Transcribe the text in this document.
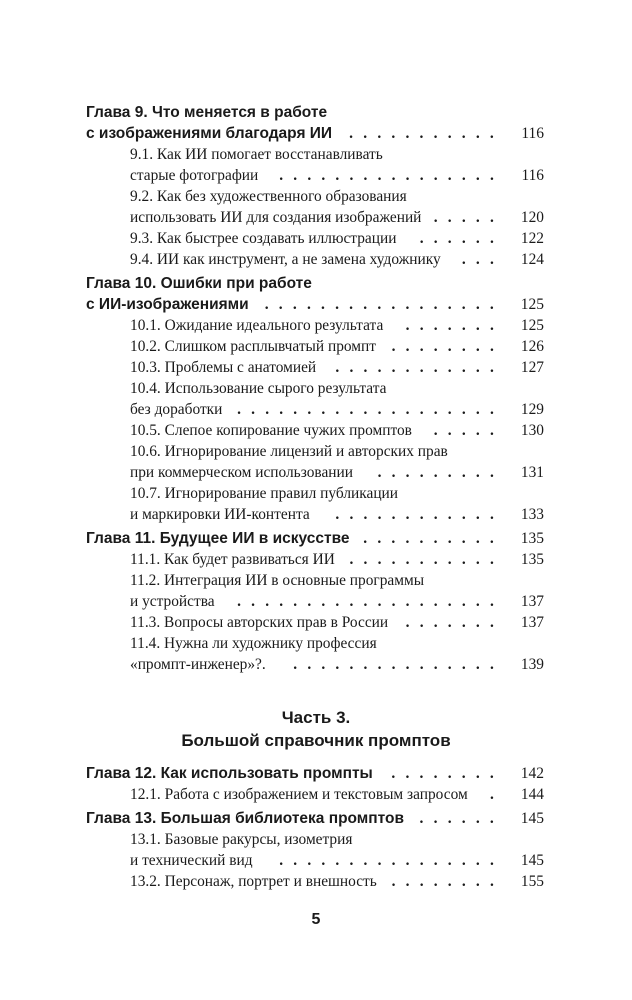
Глава 9. Что меняется в работе
с изображениями благодаря ИИ	...........	116
9.1. Как ИИ помогает восстанавливать
старые фотографии	................	116
9.2. Как без художественного образования
использовать ИИ для создания изображений .....	120
9.3. Как быстрее создавать иллюстрации	......	122
9.4. ИИ как инструмент, а не замена художнику	...	124
Глава 10. Ошибки при работе
с ИИ-изображениями	.................	125
10.1. Ожидание идеального результата	.......	125
10.2. Слишком расплывчатый промпт	........	126
10.3. Проблемы с анатомией	............	127
10.4. Использование сырого результата
без доработки ...................	129
10.5. Слепое копирование чужих промптов	.....	130
10.6. Игнорирование лицензий и авторских прав
при коммерческом использовании	.........	131
10.7. Игнорирование правил публикации
и маркировки ИИ-контента	............	133
Глава 11. Будущее ИИ в искусстве ..........	135
11.1. Как будет развиваться ИИ ...........	135
11.2. Интеграция ИИ в основные программы
и устройства	...................	137
11.3. Вопросы авторских прав в России	.......	137
11.4. Нужна ли художнику профессия
«промпт-инженер»?.	...............	139
Часть 3.
Большой справочник промптов
Глава 12. Как использовать промпты	........	142
12.1. Работа с изображением и текстовым запросом	.	144
Глава 13. Большая библиотека промптов	......	145
13.1. Базовые ракурсы, изометрия
и технический вид	................	145
13.2. Персонаж, портрет и внешность ........	155
5
